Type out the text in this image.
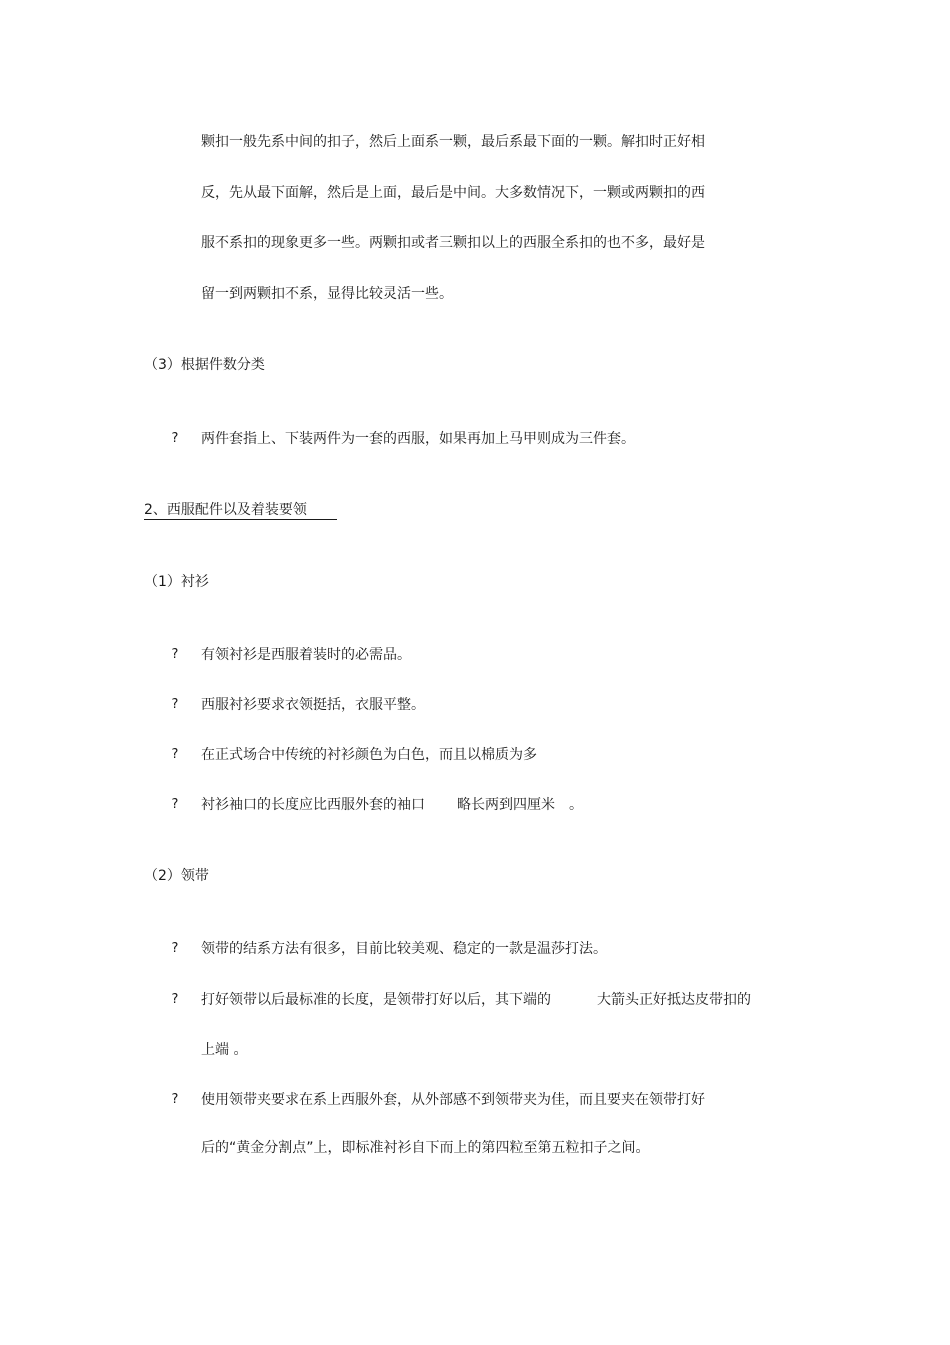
颗扣一般先系中间的扣子，然后上面系一颗，最后系最下面的一颗。解扣时正好相
反，先从最下面解，然后是上面，最后是中间。大多数情况下，一颗或两颗扣的西
服不系扣的现象更多一些。两颗扣或者三颗扣以上的西服全系扣的也不多，最好是
留一到两颗扣不系，显得比较灵活一些。
（3）根据件数分类
? 两件套指上、下装两件为一套的西服，如果再加上马甲则成为三件套。
2、西服配件以及着装要领
（1）衬衫
? 有领衬衫是西服着装时的必需品。
? 西服衬衫要求衣领挺括，衣服平整。
? 在正式场合中传统的衬衫颜色为白色，而且以棉质为多
? 衬衫袖口的长度应比西服外套的袖口 略长两到四厘米 。
（2）领带
? 领带的结系方法有很多，目前比较美观、稳定的一款是温莎打法。
? 打好领带以后最标准的长度，是领带打好以后，其下端的	大箭头正好抵达皮带扣的
上端 。
? 使用领带夹要求在系上西服外套，从外部感不到领带夹为佳，而且要夹在领带打好
后的“黄金分割点”上，即标准衬衫自下而上的第四粒至第五粒扣子之间。
